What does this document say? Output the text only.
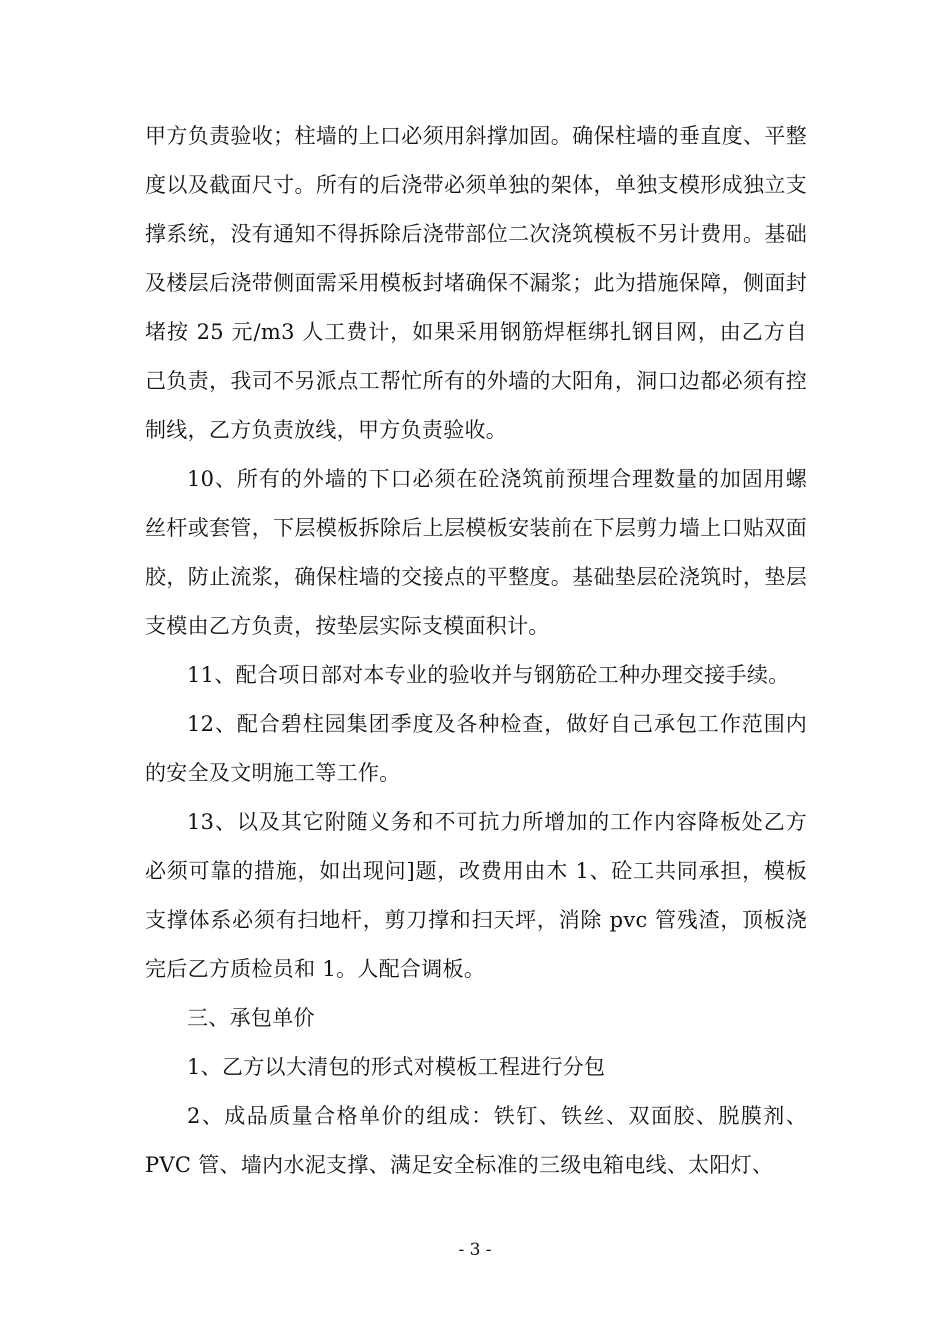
甲方负责验收；柱墙的上口必须用斜撑加固。确保柱墙的垂直度、平整度以及截面尺寸。所有的后浇带必须单独的架体，单独支模形成独立支撑系统，没有通知不得拆除后浇带部位二次浇筑模板不另计费用。基础及楼层后浇带侧面需采用模板封堵确保不漏浆；此为措施保障，侧面封堵按 25 元/m3 人工费计，如果采用钢筋焊框绑扎钢目网，由乙方自己负责，我司不另派点工帮忙所有的外墙的大阳角，洞口边都必须有控制线，乙方负责放线，甲方负责验收。

10、所有的外墙的下口必须在砼浇筑前预埋合理数量的加固用螺丝杆或套管，下层模板拆除后上层模板安装前在下层剪力墙上口贴双面胶，防止流浆，确保柱墙的交接点的平整度。基础垫层砼浇筑时，垫层支模由乙方负责，按垫层实际支模面积计。

11、配合项日部对本专业的验收并与钢筋砼工种办理交接手续。

12、配合碧柱园集团季度及各种检查，做好自己承包工作范围内的安全及文明施工等工作。

13、以及其它附随义务和不可抗力所增加的工作内容降板处乙方必须可靠的措施，如出现问]题，改费用由木 1、砼工共同承担，模板支撑体系必须有扫地杆，剪刀撑和扫天坪，消除 pvc 管残渣，顶板浇完后乙方质检员和 1。人配合调板。

三、承包单价

1、乙方以大清包的形式对模板工程进行分包

2、成品质量合格单价的组成：铁钉、铁丝、双面胶、脱膜剂、PVC 管、墙内水泥支撑、满足安全标准的三级电箱电线、太阳灯、

- 3 -
